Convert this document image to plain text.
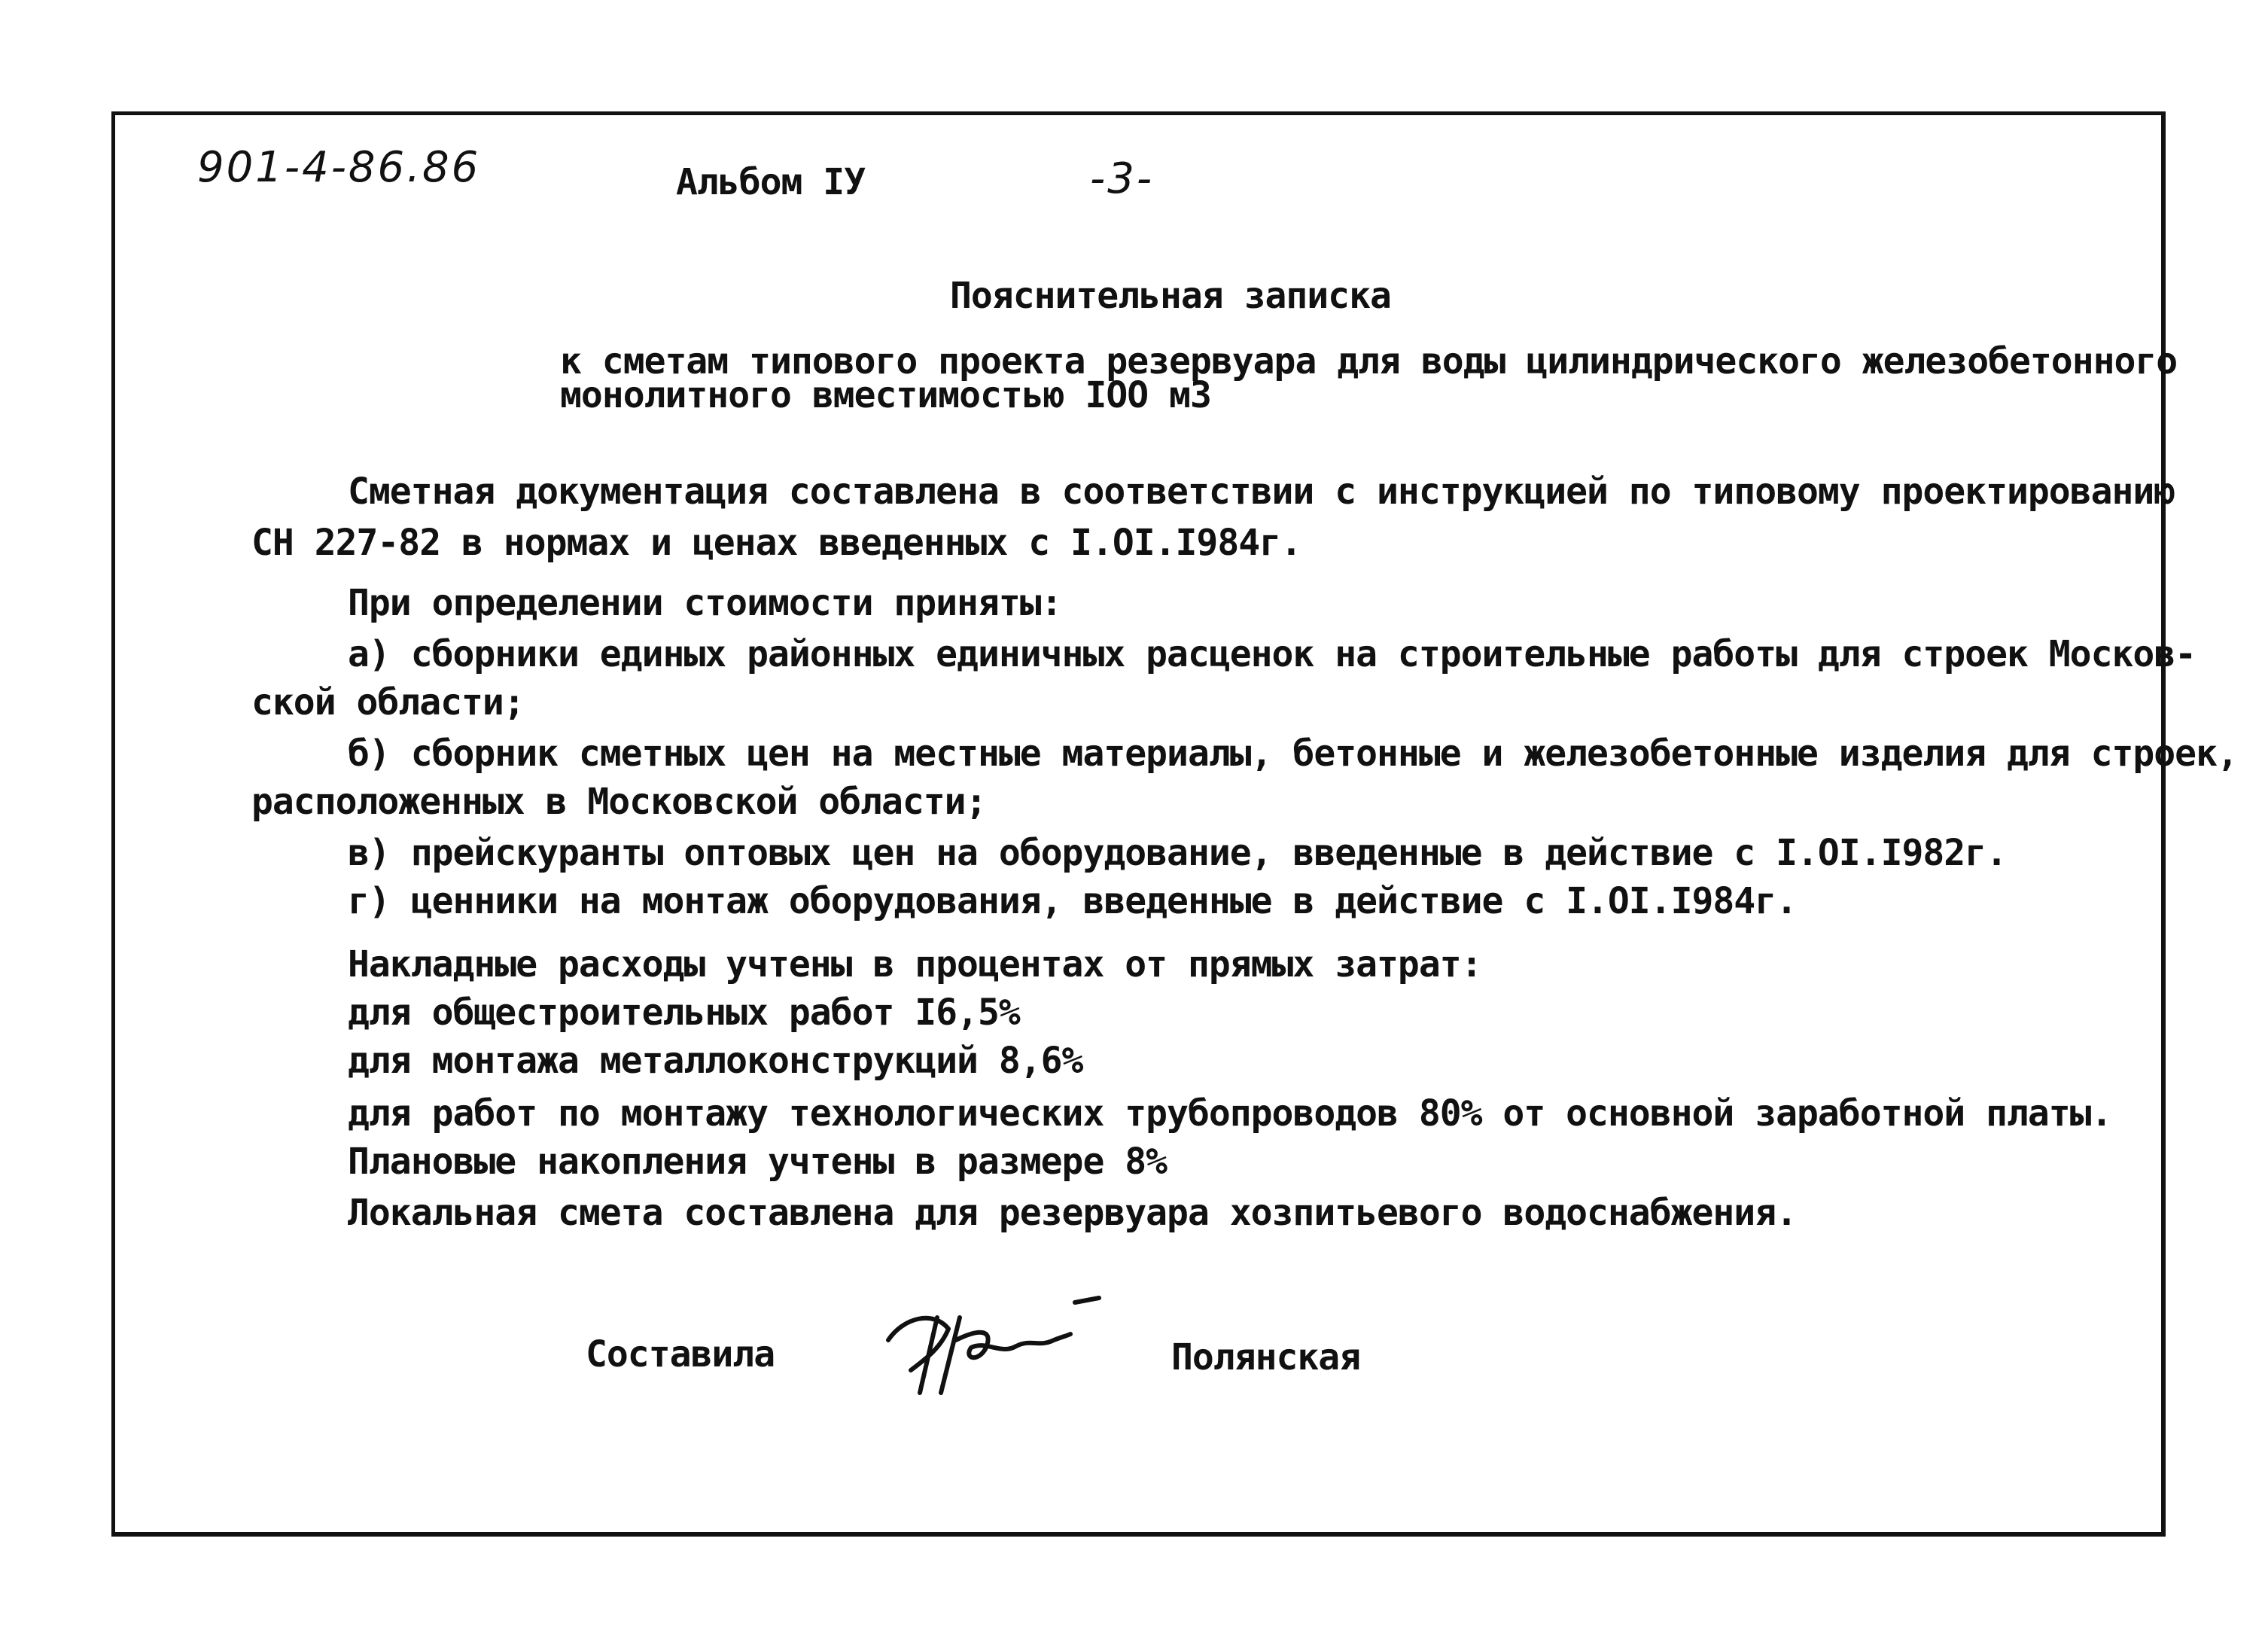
901-4-86.86	Альбом IУ	-3-
Пояснительная записка
к сметам типового проекта резервуара для воды цилиндрического железобетонного
монолитного вместимостью IOO м3
Сметная документация составлена в соответствии с инструкцией по типовому проектированию
СН 227-82 в нормах и ценах введенных с I.OI.I984г.
При определении стоимости приняты:
а) сборники единых районных единичных расценок на строительные работы для строек Москов-
ской области;
б) сборник сметных цен на местные материалы, бетонные и железобетонные изделия для строек,
расположенных в Московской области;
в) прейскуранты оптовых цен на оборудование, введенные в действие с I.OI.I982г.
г) ценники на монтаж оборудования, введенные в действие с I.OI.I984г.
Накладные расходы учтены в процентах от прямых затрат:
для общестроительных работ I6,5%
для монтажа металлоконструкций 8,6%
для работ по монтажу технологических трубопроводов 80% от основной заработной платы.
Плановые накопления учтены в размере 8%
Локальная смета составлена для резервуара хозпитьевого водоснабжения.
Составила	Полянская
